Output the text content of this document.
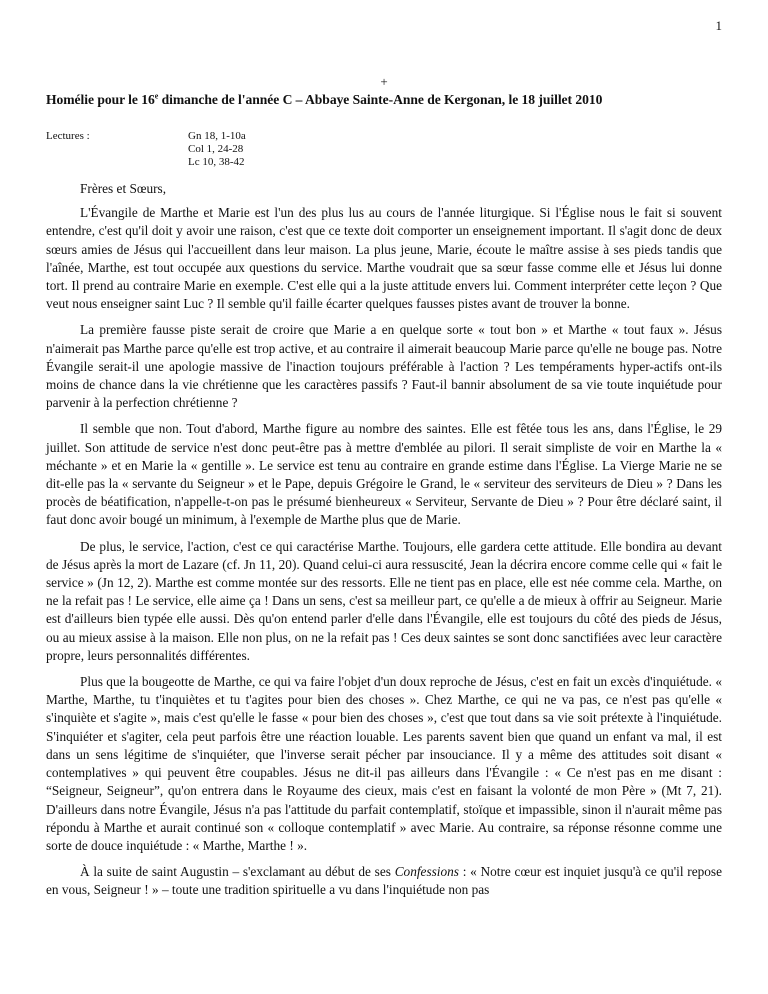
1
+
Homélie pour le 16e dimanche de l'année C – Abbaye Sainte-Anne de Kergonan, le 18 juillet 2010
Lectures :	Gn 18, 1-10a
Col 1, 24-28
Lc 10, 38-42

Frères et Sœurs,

L'Évangile de Marthe et Marie est l'un des plus lus au cours de l'année liturgique. Si l'Église nous le fait si souvent entendre, c'est qu'il doit y avoir une raison, c'est que ce texte doit comporter un enseignement important. Il s'agit donc de deux sœurs amies de Jésus qui l'accueillent dans leur maison. La plus jeune, Marie, écoute le maître assise à ses pieds tandis que l'aînée, Marthe, est tout occupée aux questions du service. Marthe voudrait que sa sœur fasse comme elle et Jésus lui donne tort. Il prend au contraire Marie en exemple. C'est elle qui a la juste attitude envers lui. Comment interpréter cette leçon ? Que veut nous enseigner saint Luc ? Il semble qu'il faille écarter quelques fausses pistes avant de trouver la bonne.

La première fausse piste serait de croire que Marie a en quelque sorte « tout bon » et Marthe « tout faux ». Jésus n'aimerait pas Marthe parce qu'elle est trop active, et au contraire il aimerait beaucoup Marie parce qu'elle ne bouge pas. Notre Évangile serait-il une apologie massive de l'inaction toujours préférable à l'action ? Les tempéraments hyper-actifs ont-ils moins de chance dans la vie chrétienne que les caractères passifs ? Faut-il bannir absolument de sa vie toute inquiétude pour parvenir à la perfection chrétienne ?

Il semble que non. Tout d'abord, Marthe figure au nombre des saintes. Elle est fêtée tous les ans, dans l'Église, le 29 juillet. Son attitude de service n'est donc peut-être pas à mettre d'emblée au pilori. Il serait simpliste de voir en Marthe la « méchante » et en Marie la « gentille ». Le service est tenu au contraire en grande estime dans l'Église. La Vierge Marie ne se dit-elle pas la « servante du Seigneur » et le Pape, depuis Grégoire le Grand, le « serviteur des serviteurs de Dieu » ? Dans les procès de béatification, n'appelle-t-on pas le présumé bienheureux « Serviteur, Servante de Dieu » ? Pour être déclaré saint, il faut donc avoir bougé un minimum, à l'exemple de Marthe plus que de Marie.

De plus, le service, l'action, c'est ce qui caractérise Marthe. Toujours, elle gardera cette attitude. Elle bondira au devant de Jésus après la mort de Lazare (cf. Jn 11, 20). Quand celui-ci aura ressuscité, Jean la décrira encore comme celle qui « fait le service » (Jn 12, 2). Marthe est comme montée sur des ressorts. Elle ne tient pas en place, elle est née comme cela. Marthe, on ne la refait pas ! Le service, elle aime ça ! Dans un sens, c'est sa meilleur part, ce qu'elle a de mieux à offrir au Seigneur. Marie est d'ailleurs bien typée elle aussi. Dès qu'on entend parler d'elle dans l'Évangile, elle est toujours du côté des pieds de Jésus, ou au mieux assise à la maison. Elle non plus, on ne la refait pas ! Ces deux saintes se sont donc sanctifiées avec leur caractère propre, leurs personnalités différentes.

Plus que la bougeotte de Marthe, ce qui va faire l'objet d'un doux reproche de Jésus, c'est en fait un excès d'inquiétude. « Marthe, Marthe, tu t'inquiètes et tu t'agites pour bien des choses ». Chez Marthe, ce qui ne va pas, ce n'est pas qu'elle « s'inquiète et s'agite », mais c'est qu'elle le fasse « pour bien des choses », c'est que tout dans sa vie soit prétexte à l'inquiétude. S'inquiéter et s'agiter, cela peut parfois être une réaction louable. Les parents savent bien que quand un enfant va mal, il est dans un sens légitime de s'inquiéter, que l'inverse serait pécher par insouciance. Il y a même des attitudes soit disant « contemplatives » qui peuvent être coupables. Jésus ne dit-il pas ailleurs dans l'Évangile : « Ce n'est pas en me disant : “Seigneur, Seigneur”, qu'on entrera dans le Royaume des cieux, mais c'est en faisant la volonté de mon Père » (Mt 7, 21). D'ailleurs dans notre Évangile, Jésus n'a pas l'attitude du parfait contemplatif, stoïque et impassible, sinon il n'aurait même pas répondu à Marthe et aurait continué son « colloque contemplatif » avec Marie. Au contraire, sa réponse résonne comme une sorte de douce inquiétude : « Marthe, Marthe ! ».

À la suite de saint Augustin – s'exclamant au début de ses Confessions : « Notre cœur est inquiet jusqu'à ce qu'il repose en vous, Seigneur ! » – toute une tradition spirituelle a vu dans l'inquiétude non pas
